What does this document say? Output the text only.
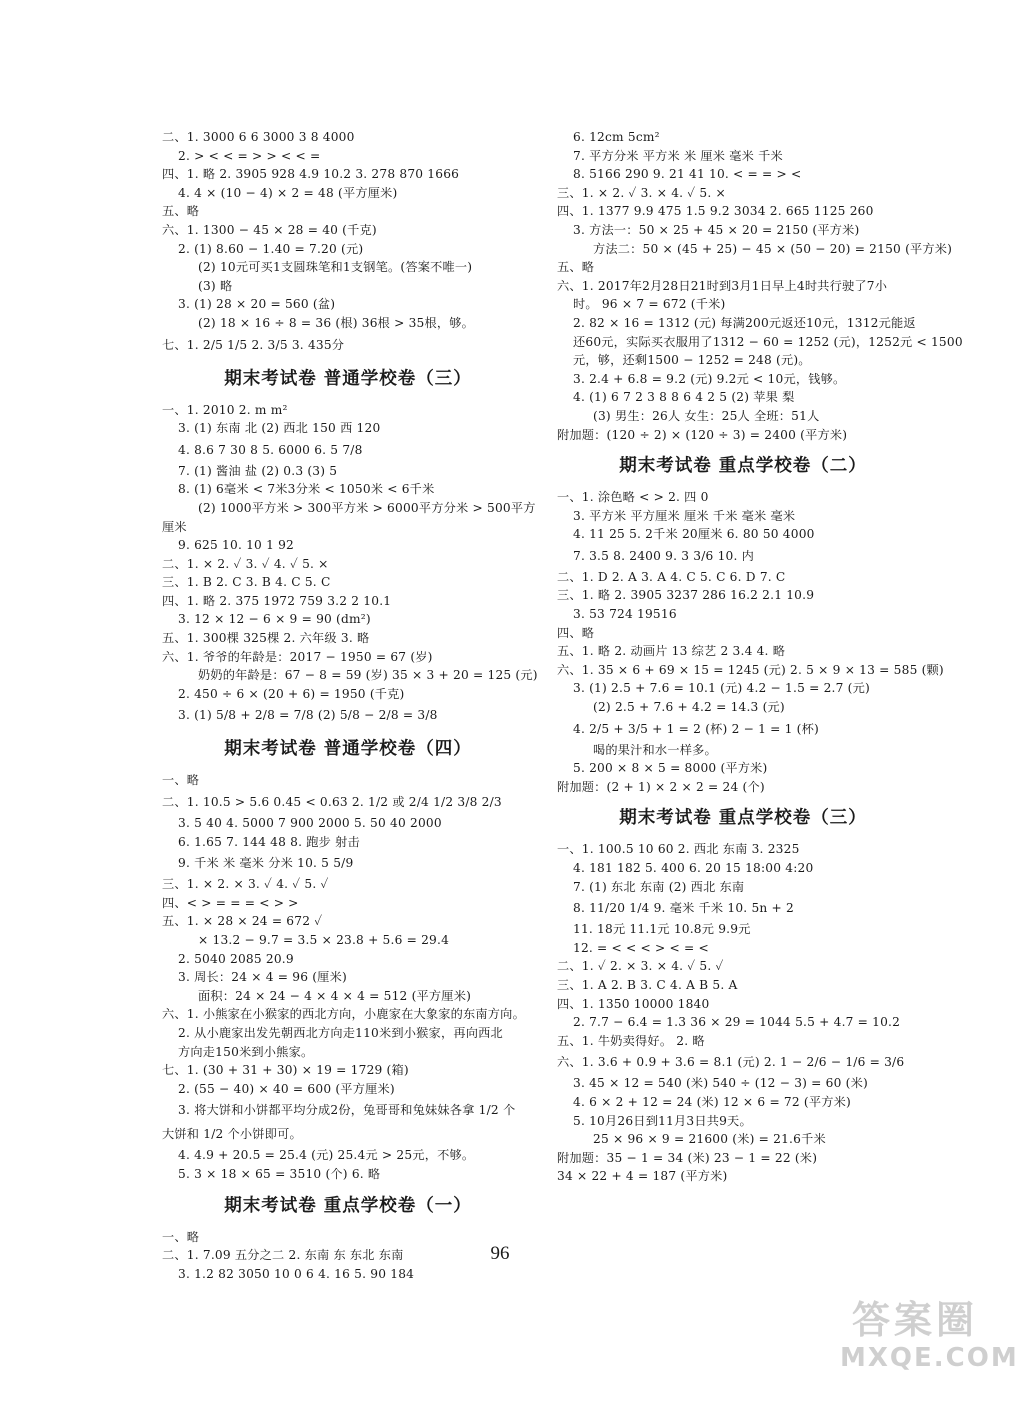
二、1. 3000 6 6 3000 3 8 4000
2. > < < = > > < < =
四、1. 略 2. 3905 928 4.9 10.2 3. 278 870 1666
4. 4 × (10 − 4) × 2 = 48 (平方厘米)
五、略
六、1. 1300 − 45 × 28 = 40 (千克)
2. (1) 8.60 − 1.40 = 7.20 (元)
(2) 10元可买1支圆珠笔和1支钢笔。(答案不唯一)
(3) 略
3. (1) 28 × 20 = 560 (盆)
(2) 18 × 16 ÷ 8 = 36 (根) 36根 > 35根，够。
七、1. 2/5 1/5 2. 3/5 3. 435分
期末考试卷 普通学校卷（三）
一、1. 2010 2. m m²
3. (1) 东南 北 (2) 西北 150 西 120
4. 8.6 7 30 8 5. 6000 6. 5 7/8
7. (1) 酱油 盐 (2) 0.3 (3) 5
8. (1) 6毫米 < 7米3分米 < 1050米 < 6千米
(2) 1000平方米 > 300平方米 > 6000平方分米 > 500平方
厘米
9. 625 10. 10 1 92
二、1. × 2. ✓ 3. ✓ 4. ✓ 5. ×
三、1. B 2. C 3. B 4. C 5. C
四、1. 略 2. 375 1972 759 3.2 2 10.1
3. 12 × 12 − 6 × 9 = 90 (dm²)
五、1. 300棵 325棵 2. 六年级 3. 略
六、1. 爷爷的年龄是：2017 − 1950 = 67 (岁)
奶奶的年龄是：67 − 8 = 59 (岁) 35 × 3 + 20 = 125 (元)
2. 450 ÷ 6 × (20 + 6) = 1950 (千克)
3. (1) 5/8 + 2/8 = 7/8 (2) 5/8 − 2/8 = 3/8
期末考试卷 普通学校卷（四）
一、略
二、1. 10.5 > 5.6 0.45 < 0.63 2. 1/2 或 2/4 1/2 3/8 2/3
3. 5 40 4. 5000 7 900 2000 5. 50 40 2000
6. 1.65 7. 144 48 8. 跑步 射击
9. 千米 米 毫米 分米 10. 5 5/9
三、1. × 2. × 3. ✓ 4. ✓ 5. ✓
四、< > = = = < > >
五、1. × 28 × 24 = 672 ✓
× 13.2 − 9.7 = 3.5 × 23.8 + 5.6 = 29.4
2. 5040 2085 20.9
3. 周长：24 × 4 = 96 (厘米)
面积：24 × 24 − 4 × 4 × 4 = 512 (平方厘米)
六、1. 小熊家在小猴家的西北方向，小鹿家在大象家的东南方向。
2. 从小鹿家出发先朝西北方向走110米到小猴家，再向西北
方向走150米到小熊家。
七、1. (30 + 31 + 30) × 19 = 1729 (箱)
2. (55 − 40) × 40 = 600 (平方厘米)
3. 将大饼和小饼都平均分成2份，兔哥哥和兔妹妹各拿 1/2 个
大饼和 1/2 个小饼即可。
4. 4.9 + 20.5 = 25.4 (元) 25.4元 > 25元，不够。
5. 3 × 18 × 65 = 3510 (个) 6. 略
期末考试卷 重点学校卷（一）
一、略
二、1. 7.09 五分之二 2. 东南 东 东北 东南
3. 1.2 82 3050 10 0 6 4. 16 5. 90 184
6. 12cm 5cm²
7. 平方分米 平方米 米 厘米 毫米 千米
8. 5166 290 9. 21 41 10. < = = > <
三、1. × 2. ✓ 3. × 4. ✓ 5. ×
四、1. 1377 9.9 475 1.5 9.2 3034 2. 665 1125 260
3. 方法一：50 × 25 + 45 × 20 = 2150 (平方米)
方法二：50 × (45 + 25) − 45 × (50 − 20) = 2150 (平方米)
五、略
六、1. 2017年2月28日21时到3月1日早上4时共行驶了7小
时。 96 × 7 = 672 (千米)
2. 82 × 16 = 1312 (元) 每满200元返还10元，1312元能返
还60元，实际买衣服用了1312 − 60 = 1252 (元)，1252元 < 1500
元，够，还剩1500 − 1252 = 248 (元)。
3. 2.4 + 6.8 = 9.2 (元) 9.2元 < 10元，钱够。
4. (1) 6 7 2 3 8 8 6 4 2 5 (2) 苹果 梨
(3) 男生：26人 女生：25人 全班：51人
附加题：(120 ÷ 2) × (120 ÷ 3) = 2400 (平方米)
期末考试卷 重点学校卷（二）
一、1. 涂色略 < > 2. 四 0
3. 平方米 平方厘米 厘米 千米 毫米 毫米
4. 11 25 5. 2千米 20厘米 6. 80 50 4000
7. 3.5 8. 2400 9. 3 3/6 10. 内
二、1. D 2. A 3. A 4. C 5. C 6. D 7. C
三、1. 略 2. 3905 3237 286 16.2 2.1 10.9
3. 53 724 19516
四、略
五、1. 略 2. 动画片 13 综艺 2 3.4 4. 略
六、1. 35 × 6 + 69 × 15 = 1245 (元) 2. 5 × 9 × 13 = 585 (颗)
3. (1) 2.5 + 7.6 = 10.1 (元) 4.2 − 1.5 = 2.7 (元)
(2) 2.5 + 7.6 + 4.2 = 14.3 (元)
4. 2/5 + 3/5 + 1 = 2 (杯) 2 − 1 = 1 (杯)
喝的果汁和水一样多。
5. 200 × 8 × 5 = 8000 (平方米)
附加题：(2 + 1) × 2 × 2 = 24 (个)
期末考试卷 重点学校卷（三）
一、1. 100.5 10 60 2. 西北 东南 3. 2325
4. 181 182 5. 400 6. 20 15 18:00 4:20
7. (1) 东北 东南 (2) 西北 东南
8. 11/20 1/4 9. 毫米 千米 10. 5n + 2
11. 18元 11.1元 10.8元 9.9元
12. = < < < > < = <
二、1. ✓ 2. × 3. × 4. ✓ 5. ✓
三、1. A 2. B 3. C 4. A B 5. A
四、1. 1350 10000 1840
2. 7.7 − 6.4 = 1.3 36 × 29 = 1044 5.5 + 4.7 = 10.2
五、1. 牛奶卖得好。 2. 略
六、1. 3.6 + 0.9 + 3.6 = 8.1 (元) 2. 1 − 2/6 − 1/6 = 3/6
3. 45 × 12 = 540 (米) 540 ÷ (12 − 3) = 60 (米)
4. 6 × 2 + 12 = 24 (米) 12 × 6 = 72 (平方米)
5. 10月26日到11月3日共9天。
25 × 96 × 9 = 21600 (米) = 21.6千米
附加题：35 − 1 = 34 (米) 23 − 1 = 22 (米)
34 × 22 + 4 = 187 (平方米)
96
答案圈
MXQE.COM
